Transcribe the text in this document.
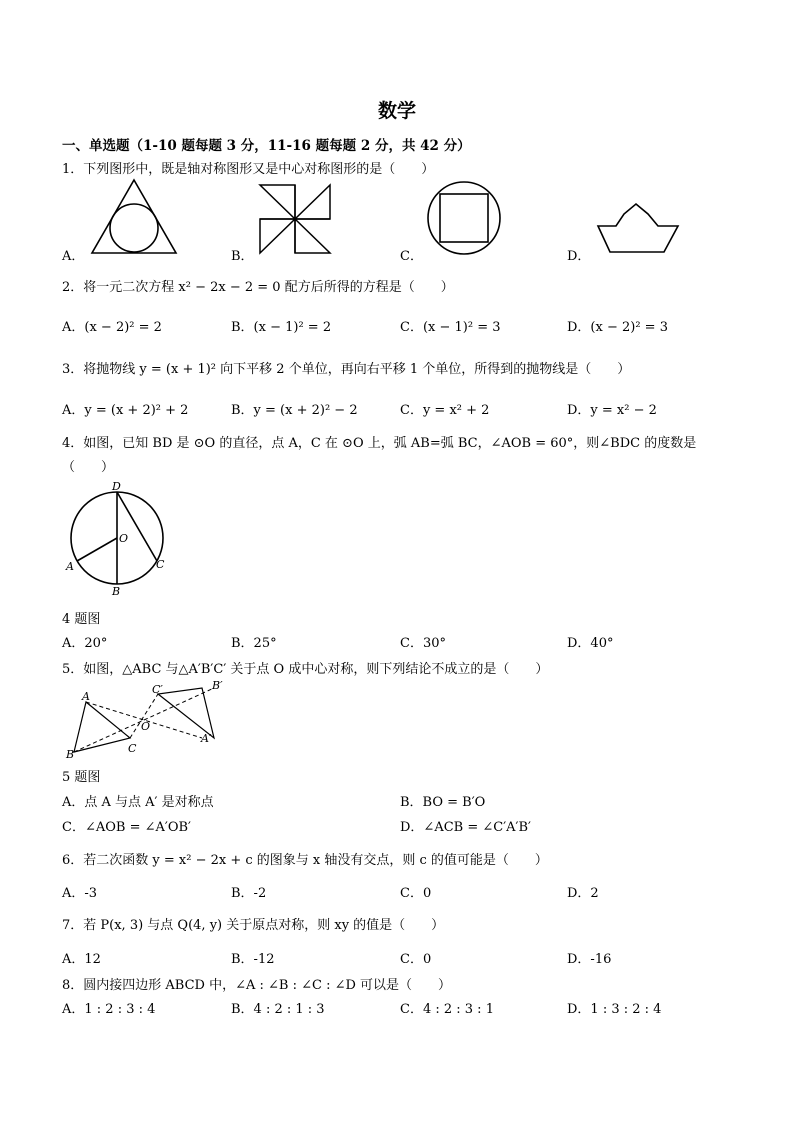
数学
一、单选题（1-10 题每题 3 分，11-16 题每题 2 分，共 42 分）
1．下列图形中，既是轴对称图形又是中心对称图形的是（　　）
A．	B．	C．	D．
2．将一元二次方程 x² − 2x − 2 = 0 配方后所得的方程是（　　）
A．(x − 2)² = 2	B．(x − 1)² = 2	C．(x − 1)² = 3	D．(x − 2)² = 3
3．将抛物线 y = (x + 1)² 向下平移 2 个单位，再向右平移 1 个单位，所得到的抛物线是（　　）
A．y = (x + 2)² + 2	B．y = (x + 2)² − 2	C．y = x² + 2	D．y = x² − 2
4．如图，已知 BD 是 ⊙O 的直径，点 A，C 在 ⊙O 上，弧 AB=弧 BC，∠AOB = 60°，则∠BDC 的度数是
（　　）
D
O
A	C
B
4 题图
A．20°	B．25°	C．30°	D．40°
5．如图，△ABC 与△A′B′C′ 关于点 O 成中心对称，则下列结论不成立的是（　　）
A
B	C
C′	B′
A′
O
5 题图
A．点 A 与点 A′ 是对称点	B．BO = B′O
C．∠AOB = ∠A′OB′	D．∠ACB = ∠C′A′B′
6．若二次函数 y = x² − 2x + c 的图象与 x 轴没有交点，则 c 的值可能是（　　）
A．-3	B．-2	C．0	D．2
7．若 P(x, 3) 与点 Q(4, y) 关于原点对称，则 xy 的值是（　　）
A．12	B．-12	C．0	D．-16
8．圆内接四边形 ABCD 中，∠A : ∠B : ∠C : ∠D 可以是（　　）
A．1 : 2 : 3 : 4	B．4 : 2 : 1 : 3	C．4 : 2 : 3 : 1	D．1 : 3 : 2 : 4
